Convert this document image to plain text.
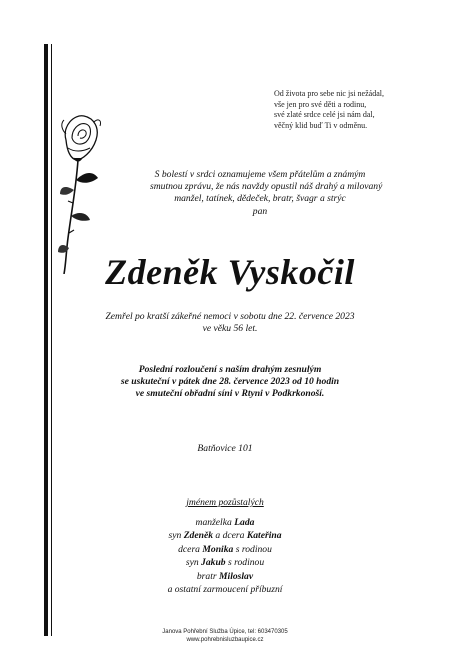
Od života pro sebe nic jsi nežádal,
vše jen pro své děti a rodinu,
své zlaté srdce celé jsi nám dal,
věčný klid buď Ti v odměnu.
S bolestí v srdci oznamujeme všem přátelům a známým
smutnou zprávu, že nás navždy opustil náš drahý a milovaný
manžel, tatínek, dědeček, bratr, švagr a strýc
pan
Zdeněk Vyskočil
Zemřel po kratší zákeřné nemoci v sobotu dne 22. července 2023
ve věku 56 let.
Poslední rozloučení s naším drahým zesnulým
se uskuteční v pátek dne 28. července 2023 od 10 hodin
ve smuteční obřadní síni v Rtyni v Podkrkonoší.
Batňovice 101
jménem pozůstalých
manželka Lada
syn Zdeněk a dcera Kateřina
dcera Monika s rodinou
syn Jakub s rodinou
bratr Miloslav
a ostatní zarmoucení příbuzní
Janova Pohřební Služba Úpice, tel: 603470305
www.pohrebnisluzbaupice.cz
